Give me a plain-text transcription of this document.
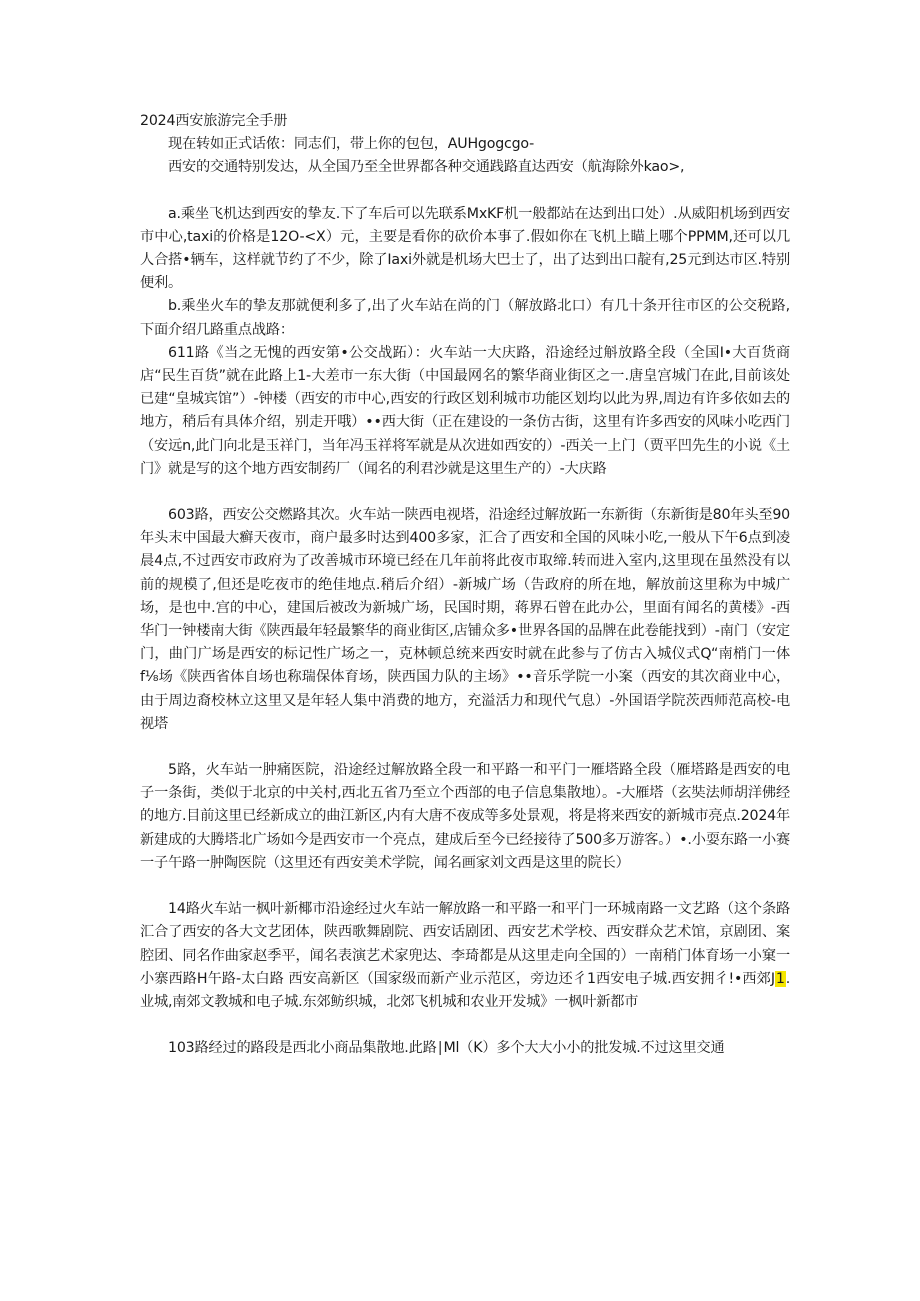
2024西安旅游完全手册

现在转如正式话侬：同志们，带上你的包包，AUHgogcgo-

西安的交通特别发达，从全国乃至全世界都各种交通践路直达西安（航海除外kao>,

a.乘坐飞机达到西安的挚友.下了车后可以先联系MxKF机一般都站在达到出口处）.从威阳机场到西安市中心,taxi的价格是12O-<X）元，主要是看你的砍价本事了.假如你在飞机上瞄上哪个PPMM,还可以几人合搭•辆车，这样就节约了不少，除了Iaxi外就是机场大巴士了，出了达到出口靛有,25元到达市区.特别便利。

b.乘坐火车的挚友那就便利多了,出了火车站在尚的门（解放路北口）有几十条开往市区的公交税路,下面介绍几路重点战路：

611路《当之无愧的西安第•公交战跖）：火车站一大庆路，沿途经过斛放路全段（全国I•大百货商店“民生百货”就在此路上1-大差市一东大街（中国最网名的繁华商业街区之一.唐皇宫城门在此,目前该处已建“皇城宾馆”）-钟楼（西安的市中心,西安的行政区划利城市功能区划均以此为界,周边有许多依如去的地方，稍后有具体介绍，别走开哦）••西大街（正在建设的一条仿古街，这里有许多西安的风味小吃西门（安远n,此门向北是玉祥门，当年冯玉祥将军就是从次进如西安的）-西关一上门（贾平凹先生的小说《土门》就是写的这个地方西安制药厂（闻名的利君沙就是这里生产的）-大庆路

603路，西安公交燃路其次。火车站一陕西电视塔，沿途经过解放跖一东新街（东新街是80年头至90年头末中国最大癣天夜市，商户最多时达到400多家，汇合了西安和全国的风味小吃,一般从下午6点到凌晨4点,不过西安市政府为了改善城市环境已经在几年前将此夜市取缔.转而进入室内,这里现在虽然没有以前的规模了,但还是吃夜市的绝佳地点.稍后介绍）-新城广场（告政府的所在地，解放前这里称为中城广场，是也中.宫的中心，建国后被改为新城广场，民国时期，蒋界石曾在此办公，里面有闻名的黄楼》-西华门一钟楼南大街《陕西最年轻最繁华的商业街区,店铺众多•世界各国的品牌在此卷能找到）-南门（安定门，曲门广场是西安的标记性广场之一，克林顿总统来西安时就在此参与了仿古入城仪式Q“南梢门一体f⅛场《陕西省体自场也称瑞保体育场，陕西国力队的主场》••音乐学院一小案（西安的其次商业中心，由于周边裔校林立这里又是年轻人集中消费的地方，充溢活力和现代气息）-外国语学院茨西师范高校-电视塔

5路，火车站一肿痛医院，沿途经过解放路全段一和平路一和平门一雁塔路全段（雁塔路是西安的电子一条街，类似于北京的中关村,西北五省乃至立个西部的电子信息集散地）。-大雁塔（玄奘法师胡洋佛经的地方.目前这里已经新成立的曲江新区,内有大唐不夜成等多处景观，将是将来西安的新城市亮点.2024年新建成的大腾塔北广场如今是西安市一个亮点，建成后至今已经接待了500多万游客。）•.小耍东路一小赛一子午路一肿陶医院（这里还有西安美术学院，闻名画家刘文西是这里的院长）

14路火车站一枫叶新椰市沿途经过火车站一解放路一和平路一和平门一环城南路一文艺路（这个条路汇合了西安的各大文艺团体，陕西歌舞剧院、西安话剧团、西安艺术学校、西安群众艺术馆，京剧团、案腔团、同名作曲家赵季平，闻名表演艺术家兜达、李琦都是从这里走向全国的）一南稍门体育场一小窠一小寨西路H午路-太白路 西安高新区（国家级而新产业示范区，旁边还彳1西安电子城.西安拥彳!•西郊J1.业城,南郊文教城和电子城.东郊鲂织城，北郊飞机城和农业开发城》一枫叶新都市

103路经过的路段是西北小商品集散地.此路∣Ml（K）多个大大小小的批发城.不过这里交通
